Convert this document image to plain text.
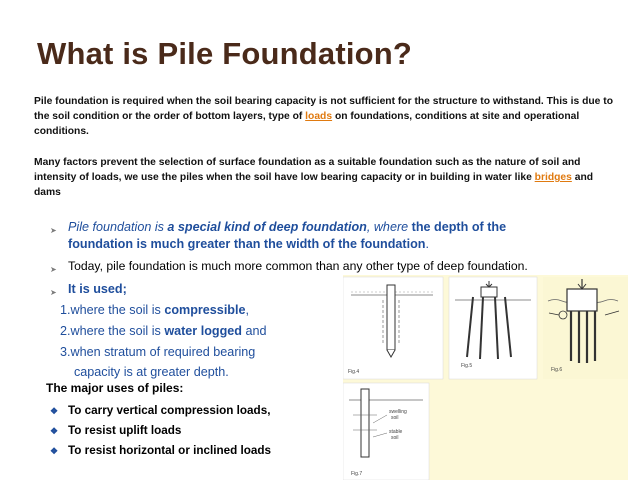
What is Pile Foundation?
Pile foundation is required when the soil bearing capacity is not sufficient for the structure to withstand. This is due to the soil condition or the order of bottom layers, type of loads on foundations, conditions at site and operational conditions.
Many factors prevent the selection of surface foundation as a suitable foundation such as the nature of soil and intensity of loads, we use the piles when the soil have low bearing capacity or in building in water like bridges and dams
➤ Pile foundation is a special kind of deep foundation, where the depth of the
foundation is much greater than the width of the foundation.
➤ Today, pile foundation is much more common than any other type of deep foundation.
➤ It is used;
1.where the soil is compressible,
2.where the soil is water logged and
3.when stratum of required bearing
capacity is at greater depth.
The major uses of piles:
❖ To carry vertical compression loads,
❖ To resist uplift loads
❖ To resist horizontal or inclined loads
Fig.4
Fig.5
Fig.6
swelling
soil
stable
soil
Fig.7
